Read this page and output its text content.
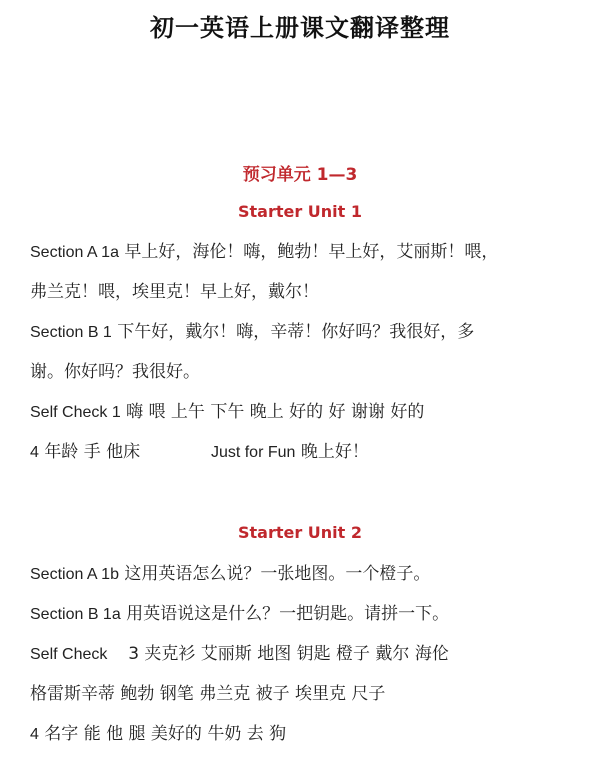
初一英语上册课文翻译整理
预习单元 1—3
Starter Unit 1
Section A 1a 早上好，海伦！嗨，鲍勃！早上好，艾丽斯！喂，
弗兰克！喂，埃里克！早上好，戴尔！
Section B 1 下午好，戴尔！嗨，辛蒂！你好吗？我很好，多
谢。你好吗？我很好。
Self Check 1 嗨 喂 上午 下午 晚上 好的 好 谢谢 好的
4 年龄 手 他床	Just for Fun 晚上好！
Starter Unit 2
Section A 1b 这用英语怎么说？一张地图。一个橙子。
Section B 1a 用英语说这是什么？一把钥匙。请拼一下。
Self Check 3 夹克衫 艾丽斯 地图 钥匙 橙子 戴尔 海伦
格雷斯辛蒂 鲍勃 钢笔 弗兰克 被子 埃里克 尺子
4 名字 能 他 腿 美好的 牛奶 去 狗
